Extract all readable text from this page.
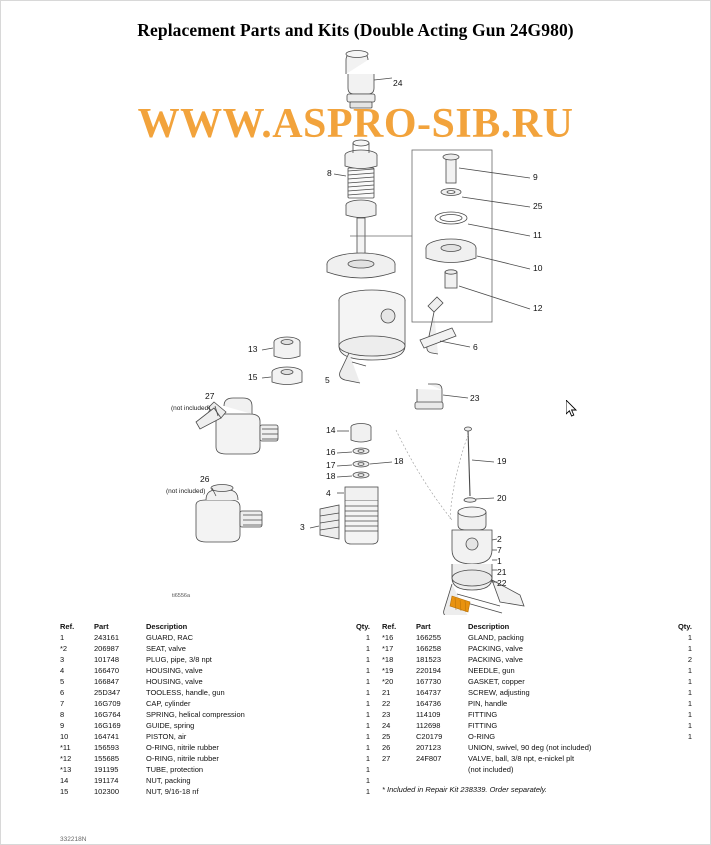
Replacement Parts and Kits (Double Acting Gun 24G980)
24
8	9
25
11
10
12
13
15	5
6
23
27
(not included)
26
(not included)
14
16
17
18
18
4
3
19
20
2
7
1
21
22
ti6556a
WWW.ASPRO-SIB.RU
Ref.	Part	Description	Qty.
1	243161	GUARD, RAC	1
*2	206987	SEAT, valve	1
3	101748	PLUG, pipe, 3/8 npt	1
4	166470	HOUSING, valve	1
5	166847	HOUSING, valve	1
6	25D347	TOOLESS, handle, gun	1
7	16G709	CAP, cylinder	1
8	16G764	SPRING, helical compression	1
9	16G169	GUIDE, spring	1
10	164741	PISTON, air	1
*11	156593	O-RING, nitrile rubber	1
*12	155685	O-RING, nitrile rubber	1
*13	191195	TUBE, protection	1
14	191174	NUT, packing	1
15	102300	NUT, 9/16-18 nf	1
Ref.	Part	Description	Qty.
*16	166255	GLAND, packing	1
*17	166258	PACKING, valve	1
*18	181523	PACKING, valve	2
*19	220194	NEEDLE, gun	1
*20	167730	GASKET, copper	1
21	164737	SCREW, adjusting	1
22	164736	PIN, handle	1
23	114109	FITTING	1
24	112698	FITTING	1
25	C20179	O-RING	1
26	207123	UNION, swivel, 90 deg (not included)	
27	24F807	VALVE, ball, 3/8 npt, e-nickel plt	
		(not included)	
* Included in Repair Kit 238339. Order separately.
332218N
